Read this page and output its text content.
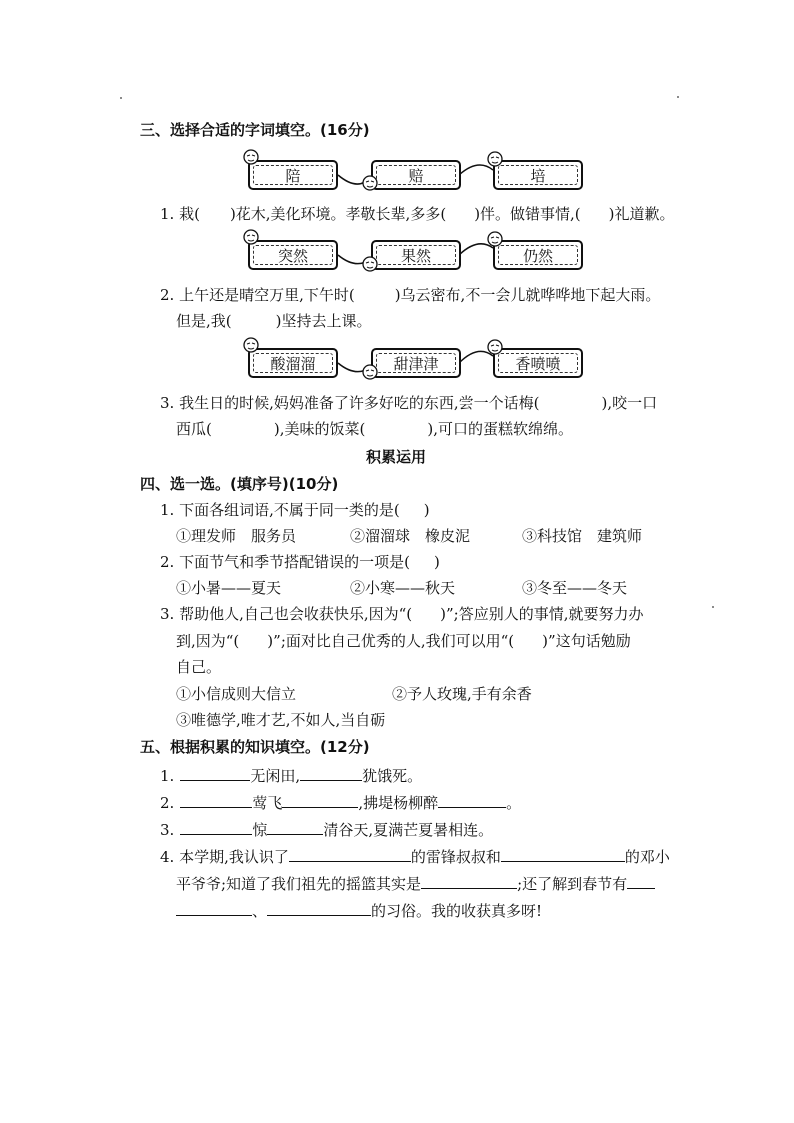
三、选择合适的字词填空。(16分)
陪	赔	培
1. 栽( )花木,美化环境。孝敬长辈,多多( )伴。做错事情,( )礼道歉。
突然	果然	仍然
2. 上午还是晴空万里,下午时(	)乌云密布,不一会儿就哗哗地下起大雨。
但是,我(	)坚持去上课。
酸溜溜	甜津津	香喷喷
3. 我生日的时候,妈妈准备了许多好吃的东西,尝一个话梅(	),咬一口
西瓜(	),美味的饭菜(	),可口的蛋糕软绵绵。
积累运用
四、选一选。(填序号)(10分)
1. 下面各组词语,不属于同一类的是( )
①理发师　服务员	②溜溜球　橡皮泥	③科技馆　建筑师
2. 下面节气和季节搭配错误的一项是( )
①小暑——夏天	②小寒——秋天	③冬至——冬天
3. 帮助他人,自己也会收获快乐,因为“( )”;答应别人的事情,就要努力办
到,因为“( )”;面对比自己优秀的人,我们可以用“( )”这句话勉励
自己。
①小信成则大信立	②予人玫瑰,手有余香
③唯德学,唯才艺,不如人,当自砺
五、根据积累的知识填空。(12分)
1.	无闲田,	犹饿死。
2.	莺飞	,拂堤杨柳醉	。
3.	惊	清谷天,夏满芒夏暑相连。
4. 本学期,我认识了	的雷锋叔叔和	的邓小
平爷爷;知道了我们祖先的摇篮其实是	;还了解到春节有
、	的习俗。我的收获真多呀!
